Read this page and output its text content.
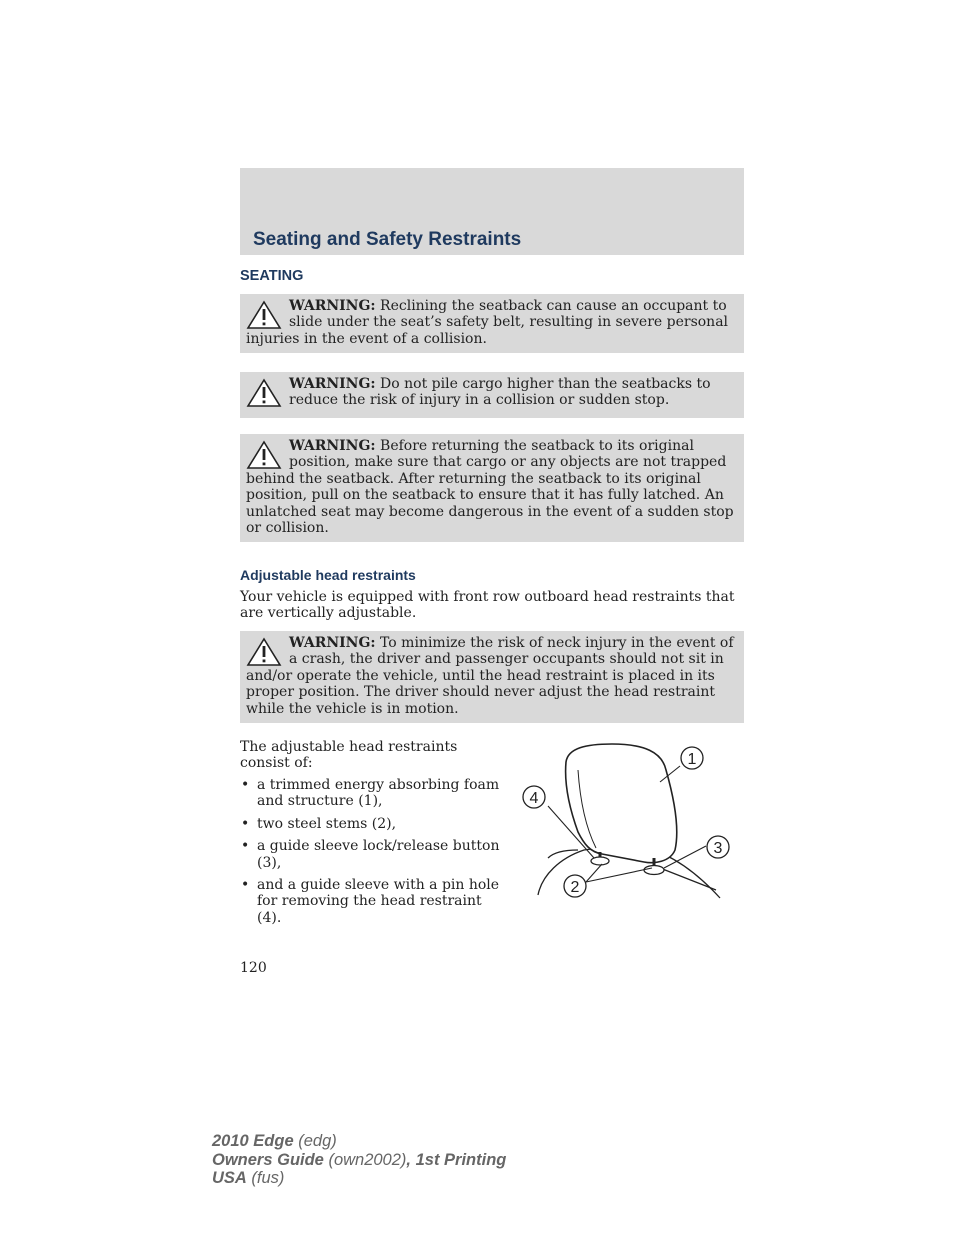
Seating and Safety Restraints
SEATING
WARNING: Reclining the seatback can cause an occupant to slide under the seat’s safety belt, resulting in severe personal injuries in the event of a collision.
WARNING: Do not pile cargo higher than the seatbacks to reduce the risk of injury in a collision or sudden stop.
WARNING: Before returning the seatback to its original position, make sure that cargo or any objects are not trapped behind the seatback. After returning the seatback to its original position, pull on the seatback to ensure that it has fully latched. An unlatched seat may become dangerous in the event of a sudden stop or collision.
Adjustable head restraints

Your vehicle is equipped with front row outboard head restraints that are vertically adjustable.

WARNING: To minimize the risk of neck injury in the event of a crash, the driver and passenger occupants should not sit in and/or operate the vehicle, until the head restraint is placed in its proper position. The driver should never adjust the head restraint while the vehicle is in motion.

The adjustable head restraints consist of:

• a trimmed energy absorbing foam and structure (1),
• two steel stems (2),
• a guide sleeve lock/release button (3),
• and a guide sleeve with a pin hole for removing the head restraint (4).
1
4
3
2
120
2010 Edge (edg)
Owners Guide (own2002), 1st Printing
USA (fus)
